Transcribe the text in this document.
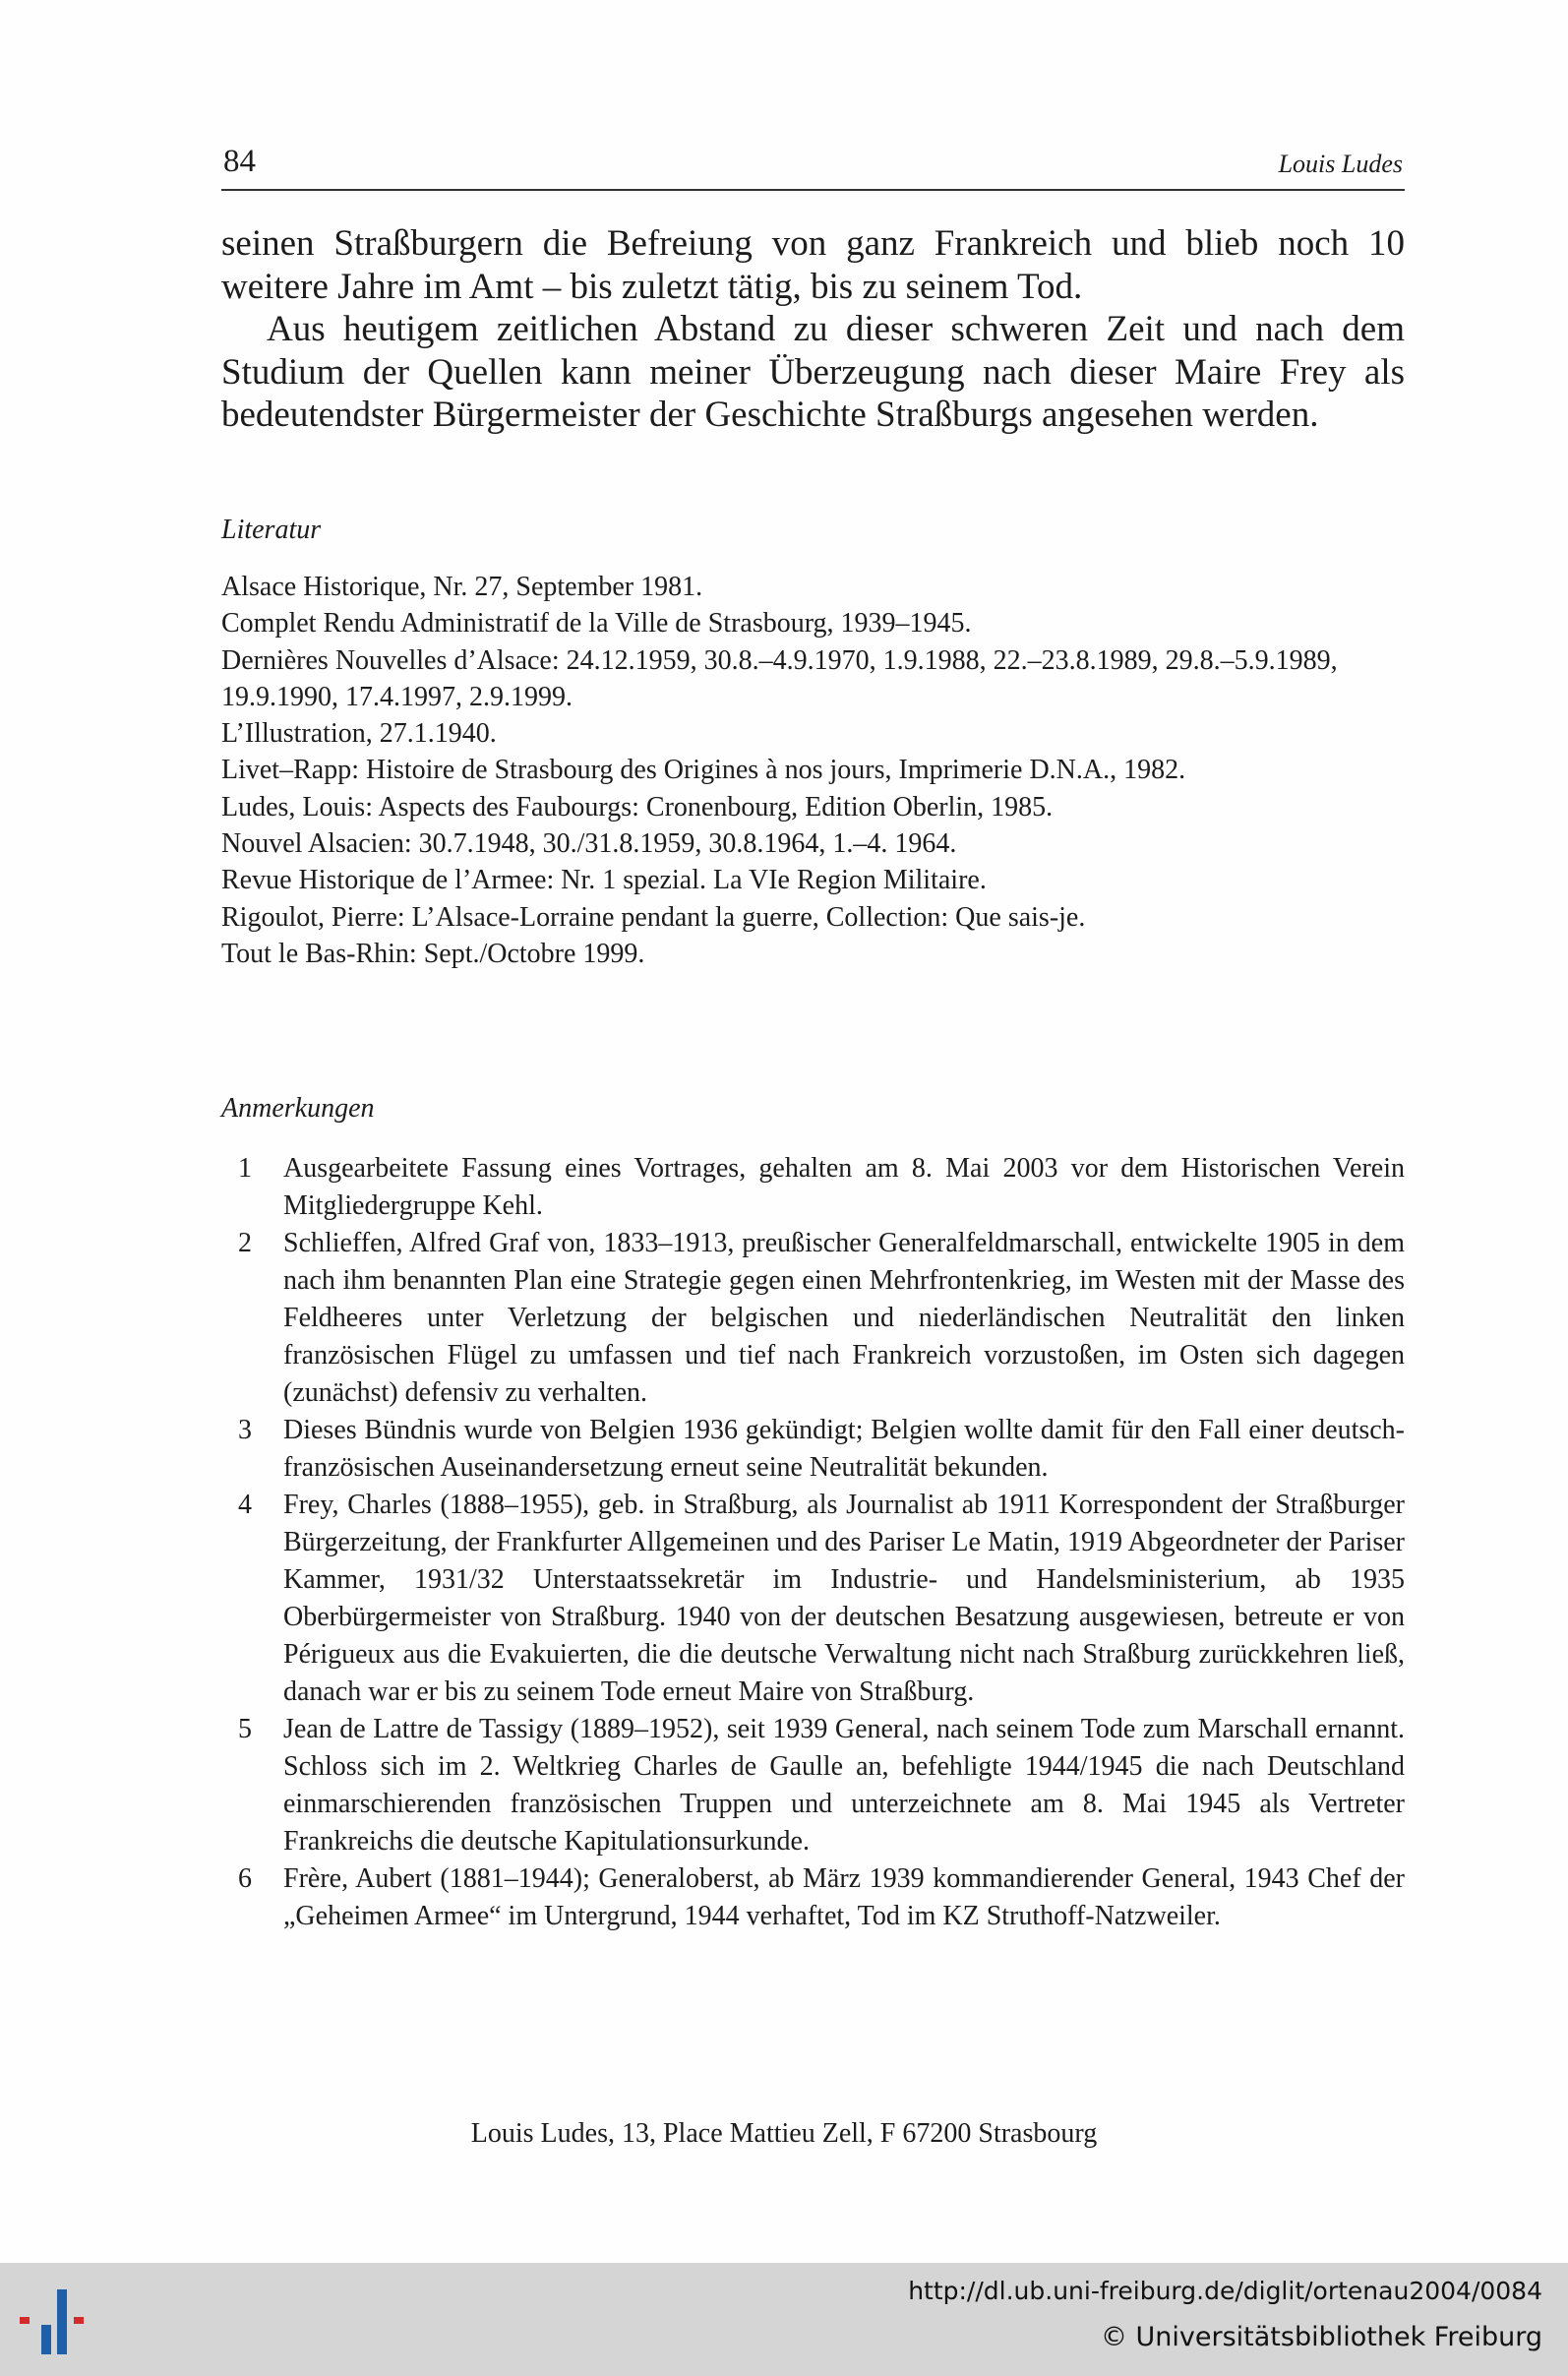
84	Louis Ludes

seinen Straßburgern die Befreiung von ganz Frankreich und blieb noch 10 weitere Jahre im Amt – bis zuletzt tätig, bis zu seinem Tod.

Aus heutigem zeitlichen Abstand zu dieser schweren Zeit und nach dem Studium der Quellen kann meiner Überzeugung nach dieser Maire Frey als bedeutendster Bürgermeister der Geschichte Straßburgs angesehen werden.

Literatur
Alsace Historique, Nr. 27, September 1981.
Complet Rendu Administratif de la Ville de Strasbourg, 1939–1945.
Dernières Nouvelles d’Alsace: 24.12.1959, 30.8.–4.9.1970, 1.9.1988, 22.–23.8.1989, 29.8.–5.9.1989, 19.9.1990, 17.4.1997, 2.9.1999.
L’Illustration, 27.1.1940.
Livet–Rapp: Histoire de Strasbourg des Origines à nos jours, Imprimerie D.N.A., 1982.
Ludes, Louis: Aspects des Faubourgs: Cronenbourg, Edition Oberlin, 1985.
Nouvel Alsacien: 30.7.1948, 30./31.8.1959, 30.8.1964, 1.–4. 1964.
Revue Historique de l’Armee: Nr. 1 spezial. La VIe Region Militaire.
Rigoulot, Pierre: L’Alsace-Lorraine pendant la guerre, Collection: Que sais-je.
Tout le Bas-Rhin: Sept./Octobre 1999.
Anmerkungen
1	Ausgearbeitete Fassung eines Vortrages, gehalten am 8. Mai 2003 vor dem Historischen Verein Mitgliedergruppe Kehl.
2	Schlieffen, Alfred Graf von, 1833–1913, preußischer Generalfeldmarschall, entwickelte 1905 in dem nach ihm benannten Plan eine Strategie gegen einen Mehrfrontenkrieg, im Westen mit der Masse des Feldheeres unter Verletzung der belgischen und niederländischen Neutralität den linken französischen Flügel zu umfassen und tief nach Frankreich vorzustoßen, im Osten sich dagegen (zunächst) defensiv zu verhalten.
3	Dieses Bündnis wurde von Belgien 1936 gekündigt; Belgien wollte damit für den Fall einer deutsch-französischen Auseinandersetzung erneut seine Neutralität bekunden.
4	Frey, Charles (1888–1955), geb. in Straßburg, als Journalist ab 1911 Korrespondent der Straßburger Bürgerzeitung, der Frankfurter Allgemeinen und des Pariser Le Matin, 1919 Abgeordneter der Pariser Kammer, 1931/32 Unterstaatssekretär im Industrie- und Handelsministerium, ab 1935 Oberbürgermeister von Straßburg. 1940 von der deutschen Besatzung ausgewiesen, betreute er von Périgueux aus die Evakuierten, die die deutsche Verwaltung nicht nach Straßburg zurückkehren ließ, danach war er bis zu seinem Tode erneut Maire von Straßburg.
5	Jean de Lattre de Tassigy (1889–1952), seit 1939 General, nach seinem Tode zum Marschall ernannt. Schloss sich im 2. Weltkrieg Charles de Gaulle an, befehligte 1944/1945 die nach Deutschland einmarschierenden französischen Truppen und unterzeichnete am 8. Mai 1945 als Vertreter Frankreichs die deutsche Kapitulationsurkunde.
6	Frère, Aubert (1881–1944); Generaloberst, ab März 1939 kommandierender General, 1943 Chef der „Geheimen Armee“ im Untergrund, 1944 verhaftet, Tod im KZ Struthoff-Natzweiler.
Louis Ludes, 13, Place Mattieu Zell, F 67200 Strasbourg
http://dl.ub.uni-freiburg.de/diglit/ortenau2004/0084
© Universitätsbibliothek Freiburg
